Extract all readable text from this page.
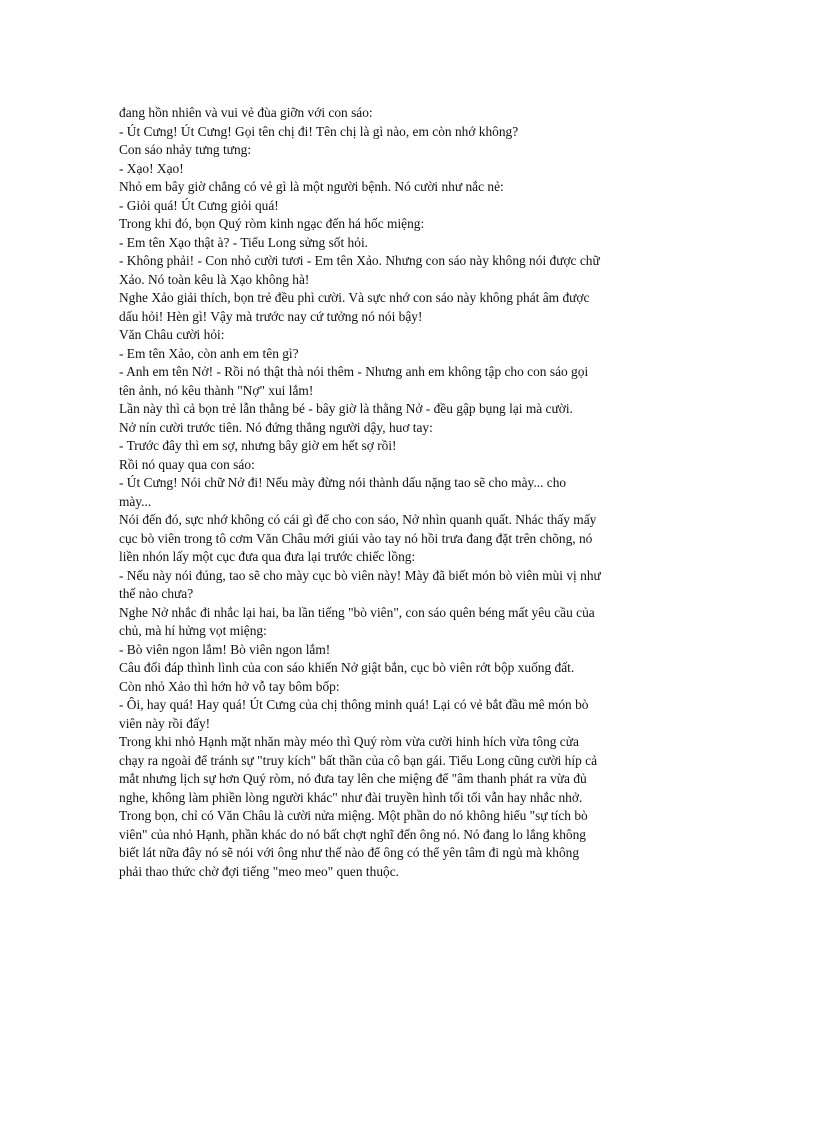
đang hồn nhiên và vui vẻ đùa giỡn với con sáo:

- Út Cưng! Út Cưng! Gọi tên chị đi! Tên chị là gì nào, em còn nhớ không?

Con sáo nhảy tưng tưng:

- Xạo! Xạo!

Nhỏ em bây giờ chẳng có vẻ gì là một người bệnh. Nó cười như nắc nẻ:

- Giỏi quá! Út Cưng giỏi quá!

Trong khi đó, bọn Quý ròm kinh ngạc đến há hốc miệng:

- Em tên Xạo thật à? - Tiểu Long sửng sốt hỏi.

- Không phải! - Con nhỏ cười tươi - Em tên Xảo. Nhưng con sáo này không nói được chữ

Xảo. Nó toàn kêu là Xạo không hà!

Nghe Xảo giải thích, bọn trẻ đều phì cười. Và sực nhớ con sáo này không phát âm được

dấu hỏi! Hèn gì! Vậy mà trước nay cứ tưởng nó nói bậy!

Văn Châu cười hỏi:

- Em tên Xảo, còn anh em tên gì?

- Anh em tên Nở! - Rồi nó thật thà nói thêm - Nhưng anh em không tập cho con sáo gọi

tên ảnh, nó kêu thành "Nợ" xui lắm!

Lần này thì cả bọn trẻ lẫn thằng bé - bây giờ là thằng Nở - đều gập bụng lại mà cười.

Nở nín cười trước tiên. Nó đứng thẳng người dậy, huơ tay:

- Trước đây thì em sợ, nhưng bây giờ em hết sợ rồi!

Rồi nó quay qua con sáo:

- Út Cưng! Nói chữ Nở đi! Nếu mày đừng nói thành dấu nặng tao sẽ cho mày... cho

mày...

Nói đến đó, sực nhớ không có cái gì để cho con sáo, Nở nhìn quanh quất. Nhác thấy mấy

cục bò viên trong tô cơm Văn Châu mới giúi vào tay nó hồi trưa đang đặt trên chõng, nó

liền nhón lấy một cục đưa qua đưa lại trước chiếc lồng:

- Nếu này nói đúng, tao sẽ cho mày cục bò viên này! Mày đã biết món bò viên mùi vị như

thế nào chưa?

Nghe Nở nhắc đi nhắc lại hai, ba lần tiếng "bò viên", con sáo quên béng mất yêu cầu của

chủ, mà hí hửng vọt miệng:

- Bò viên ngon lắm! Bò viên ngon lắm!

Câu đối đáp thình lình của con sáo khiến Nở giật bắn, cục bò viên rớt bộp xuống đất.

Còn nhỏ Xảo thì hớn hở vỗ tay bôm bốp:

- Ôi, hay quá! Hay quá! Út Cưng của chị thông minh quá! Lại có vẻ bắt đầu mê món bò

viên này rồi đấy!

Trong khi nhỏ Hạnh mặt nhăn mày méo thì Quý ròm vừa cười hinh hích vừa tông cửa

chạy ra ngoài để tránh sự "truy kích" bất thần của cô bạn gái. Tiểu Long cũng cười híp cả

mắt nhưng lịch sự hơn Quý ròm, nó đưa tay lên che miệng để "âm thanh phát ra vừa đủ

nghe, không làm phiền lòng người khác" như đài truyền hình tối tối vẫn hay nhắc nhở.

Trong bọn, chỉ có Văn Châu là cười nửa miệng. Một phần do nó không hiểu "sự tích bò

viên" của nhỏ Hạnh, phần khác do nó bất chợt nghĩ đến ông nó. Nó đang lo lắng không

biết lát nữa đây nó sẽ nói với ông như thế nào để ông có thể yên tâm đi ngủ mà không

phải thao thức chờ đợi tiếng "meo meo" quen thuộc.
